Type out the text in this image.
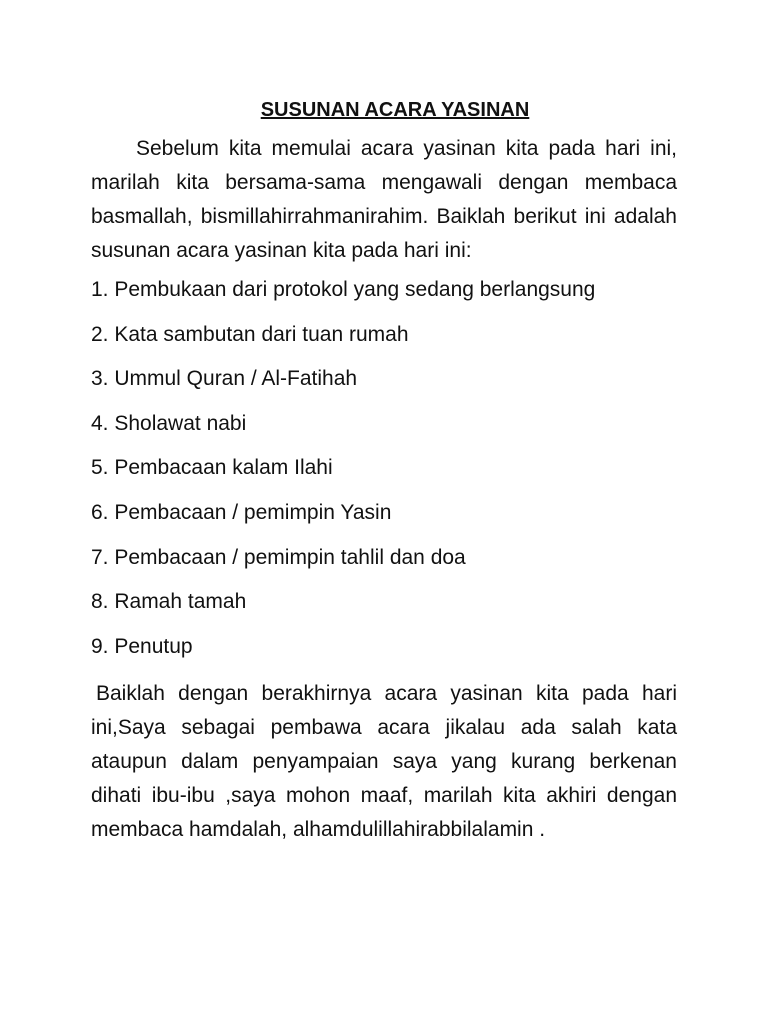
SUSUNAN ACARA YASINAN

Sebelum kita memulai acara yasinan kita pada hari ini, marilah kita bersama-sama mengawali dengan membaca basmallah, bismillahirrahmanirahim. Baiklah berikut ini adalah susunan acara yasinan kita pada hari ini:

1. Pembukaan dari protokol yang sedang berlangsung
2. Kata sambutan dari tuan rumah
3. Ummul Quran / Al-Fatihah
4. Sholawat nabi
5. Pembacaan kalam Ilahi
6. Pembacaan / pemimpin Yasin
7. Pembacaan / pemimpin tahlil dan doa
8. Ramah tamah
9. Penutup

Baiklah dengan berakhirnya acara yasinan kita pada hari ini,Saya sebagai pembawa acara jikalau ada salah kata ataupun dalam penyampaian saya yang kurang berkenan dihati ibu-ibu ,saya mohon maaf, marilah kita akhiri dengan membaca hamdalah, alhamdulillahirabbilalamin .
